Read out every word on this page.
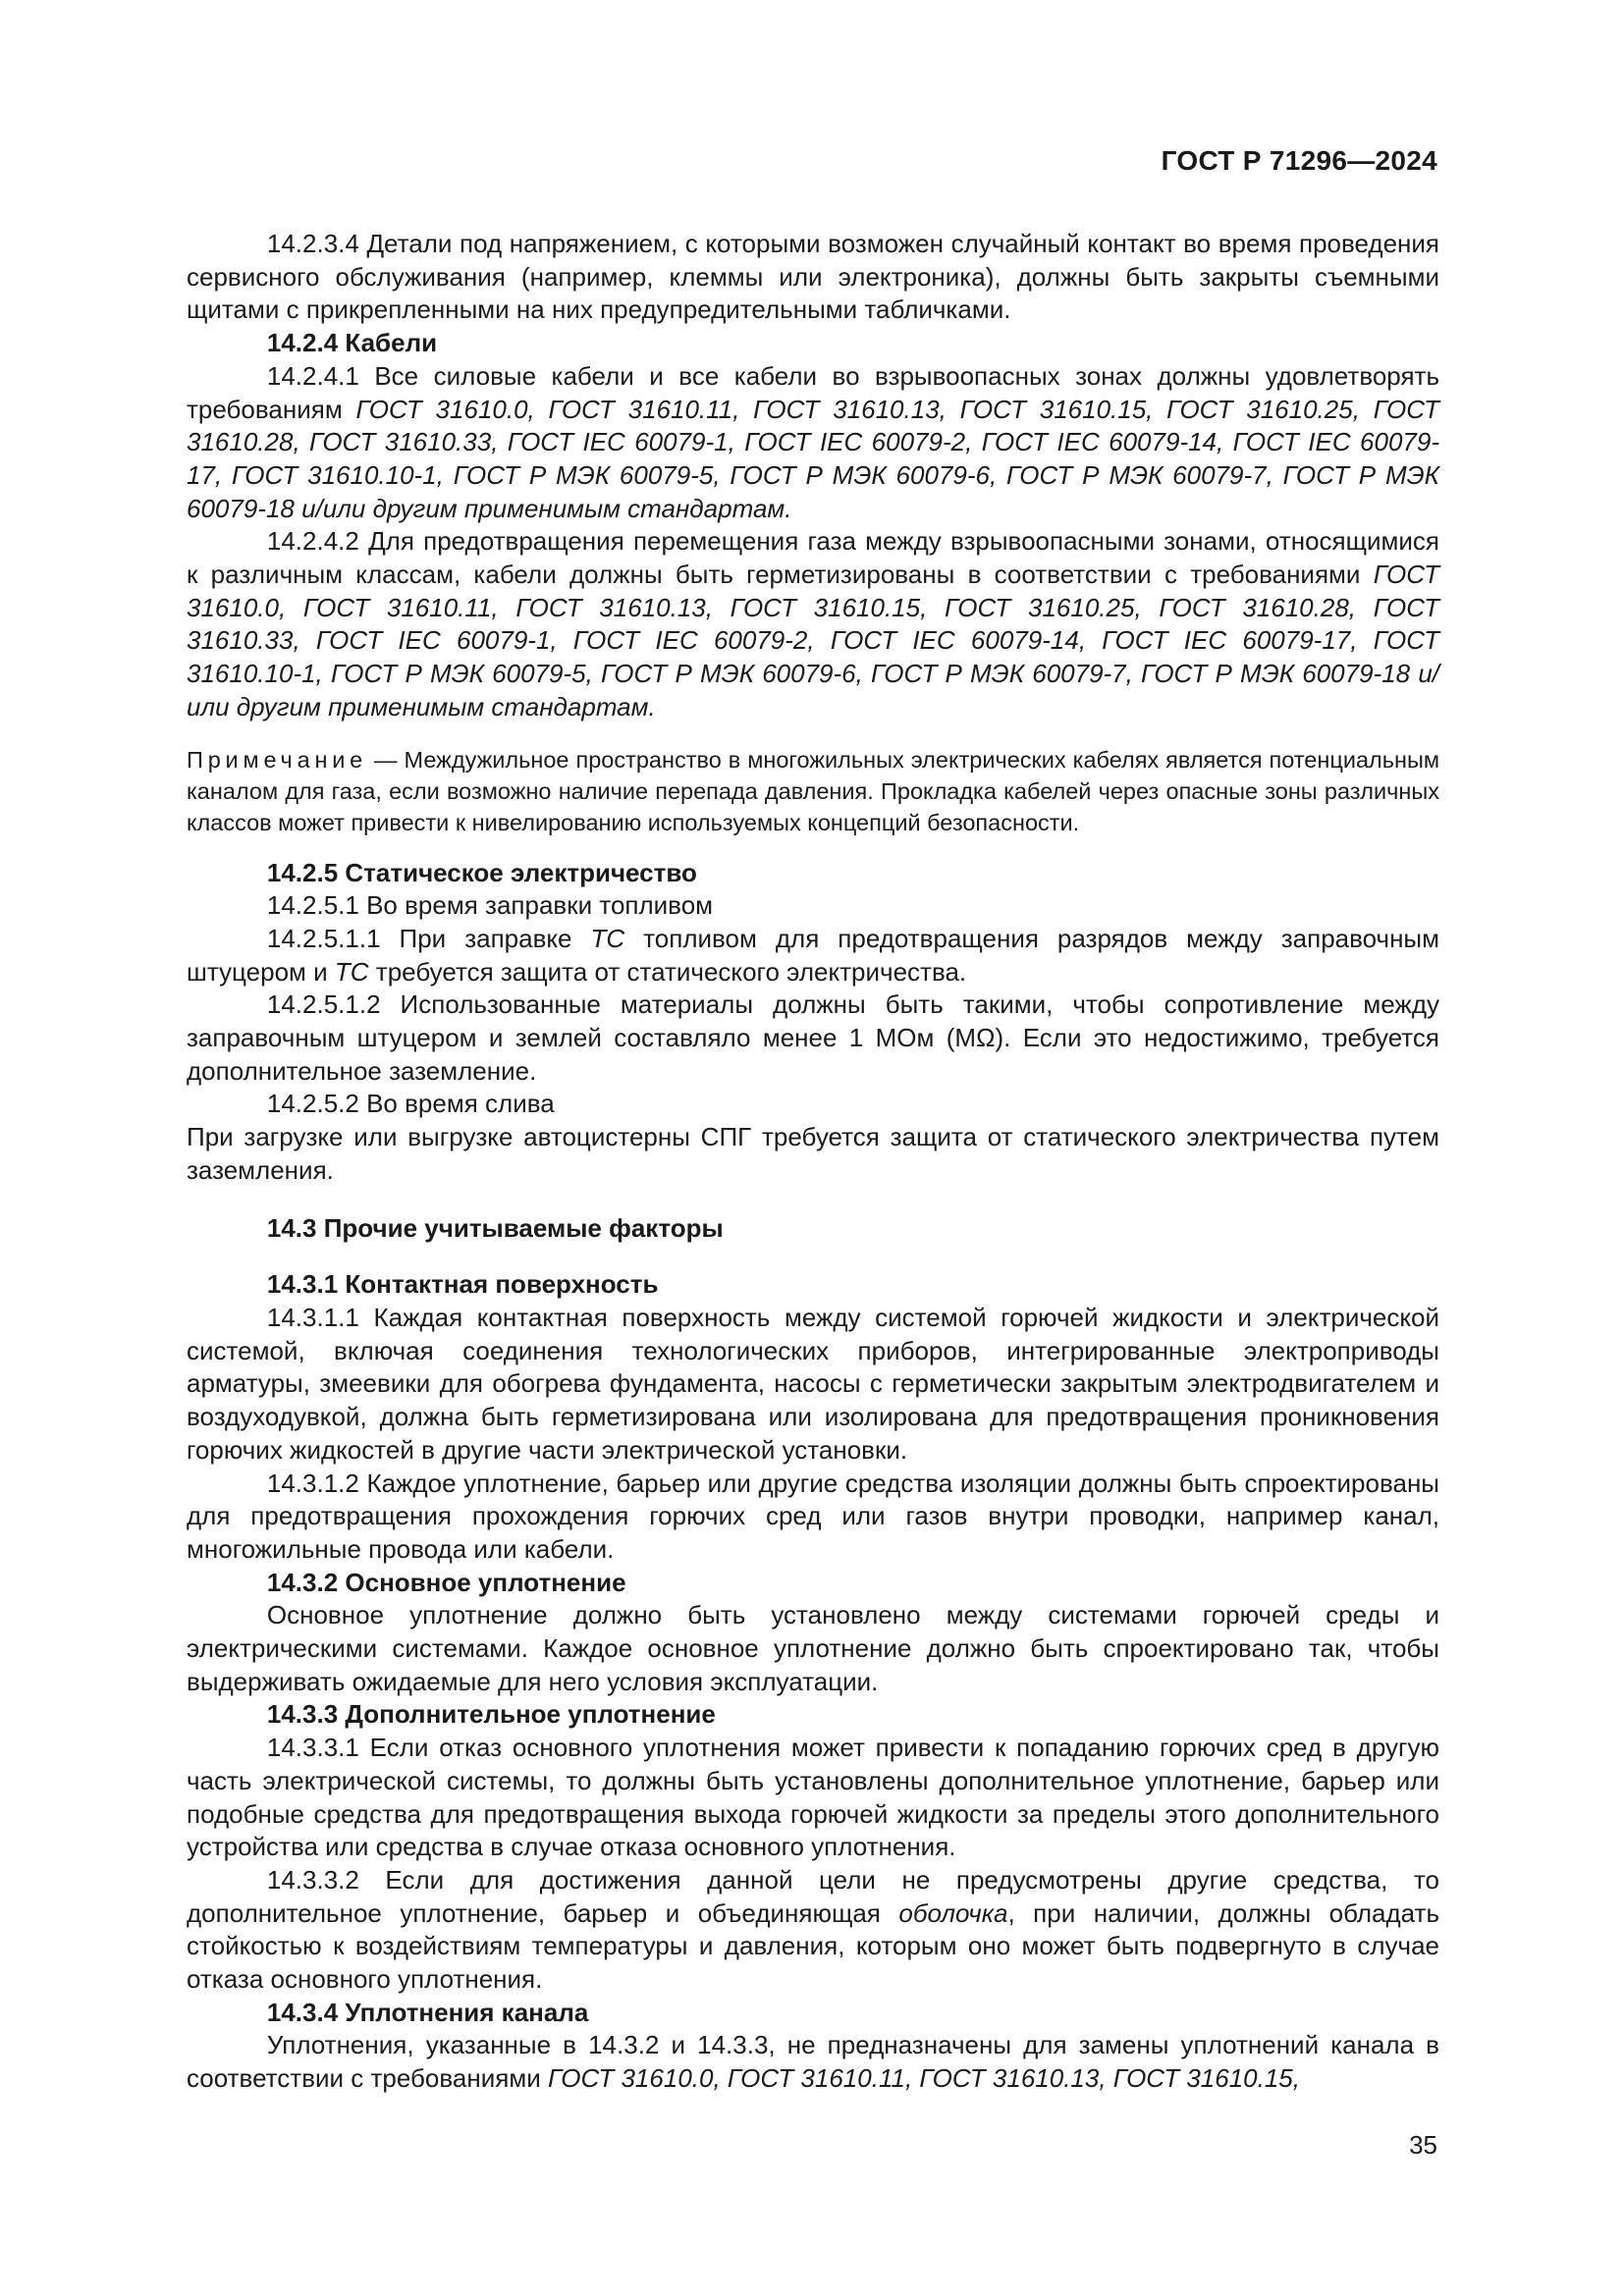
ГОСТ Р 71296—2024
14.2.3.4 Детали под напряжением, с которыми возможен случайный контакт во время проведения сервисного обслуживания (например, клеммы или электроника), должны быть закрыты съемными щитами с прикрепленными на них предупредительными табличками.
14.2.4 Кабели
14.2.4.1 Все силовые кабели и все кабели во взрывоопасных зонах должны удовлетворять требованиям ГОСТ 31610.0, ГОСТ 31610.11, ГОСТ 31610.13, ГОСТ 31610.15, ГОСТ 31610.25, ГОСТ 31610.28, ГОСТ 31610.33, ГОСТ IEC 60079-1, ГОСТ IEC 60079-2, ГОСТ IEC 60079-14, ГОСТ IEC 60079-17, ГОСТ 31610.10-1, ГОСТ Р МЭК 60079-5, ГОСТ Р МЭК 60079-6, ГОСТ Р МЭК 60079-7, ГОСТ Р МЭК 60079-18 и/или другим применимым стандартам.
14.2.4.2 Для предотвращения перемещения газа между взрывоопасными зонами, относящимися к различным классам, кабели должны быть герметизированы в соответствии с требованиями ГОСТ 31610.0, ГОСТ 31610.11, ГОСТ 31610.13, ГОСТ 31610.15, ГОСТ 31610.25, ГОСТ 31610.28, ГОСТ 31610.33, ГОСТ IEC 60079-1, ГОСТ IEC 60079-2, ГОСТ IEC 60079-14, ГОСТ IEC 60079-17, ГОСТ 31610.10-1, ГОСТ Р МЭК 60079-5, ГОСТ Р МЭК 60079-6, ГОСТ Р МЭК 60079-7, ГОСТ Р МЭК 60079-18 и/или другим применимым стандартам.
Примечание — Междужильное пространство в многожильных электрических кабелях является потенциальным каналом для газа, если возможно наличие перепада давления. Прокладка кабелей через опасные зоны различных классов может привести к нивелированию используемых концепций безопасности.
14.2.5 Статическое электричество
14.2.5.1 Во время заправки топливом
14.2.5.1.1 При заправке ТС топливом для предотвращения разрядов между заправочным штуцером и ТС требуется защита от статического электричества.
14.2.5.1.2 Использованные материалы должны быть такими, чтобы сопротивление между заправочным штуцером и землей составляло менее 1 МОм (МΩ). Если это недостижимо, требуется дополнительное заземление.
14.2.5.2 Во время слива
При загрузке или выгрузке автоцистерны СПГ требуется защита от статического электричества путем заземления.
14.3 Прочие учитываемые факторы
14.3.1 Контактная поверхность
14.3.1.1 Каждая контактная поверхность между системой горючей жидкости и электрической системой, включая соединения технологических приборов, интегрированные электроприводы арматуры, змеевики для обогрева фундамента, насосы с герметически закрытым электродвигателем и воздуходувкой, должна быть герметизирована или изолирована для предотвращения проникновения горючих жидкостей в другие части электрической установки.
14.3.1.2 Каждое уплотнение, барьер или другие средства изоляции должны быть спроектированы для предотвращения прохождения горючих сред или газов внутри проводки, например канал, многожильные провода или кабели.
14.3.2 Основное уплотнение
Основное уплотнение должно быть установлено между системами горючей среды и электрическими системами. Каждое основное уплотнение должно быть спроектировано так, чтобы выдерживать ожидаемые для него условия эксплуатации.
14.3.3 Дополнительное уплотнение
14.3.3.1 Если отказ основного уплотнения может привести к попаданию горючих сред в другую часть электрической системы, то должны быть установлены дополнительное уплотнение, барьер или подобные средства для предотвращения выхода горючей жидкости за пределы этого дополнительного устройства или средства в случае отказа основного уплотнения.
14.3.3.2 Если для достижения данной цели не предусмотрены другие средства, то дополнительное уплотнение, барьер и объединяющая оболочка, при наличии, должны обладать стойкостью к воздействиям температуры и давления, которым оно может быть подвергнуто в случае отказа основного уплотнения.
14.3.4 Уплотнения канала
Уплотнения, указанные в 14.3.2 и 14.3.3, не предназначены для замены уплотнений канала в соответствии с требованиями ГОСТ 31610.0, ГОСТ 31610.11, ГОСТ 31610.13, ГОСТ 31610.15,
35
